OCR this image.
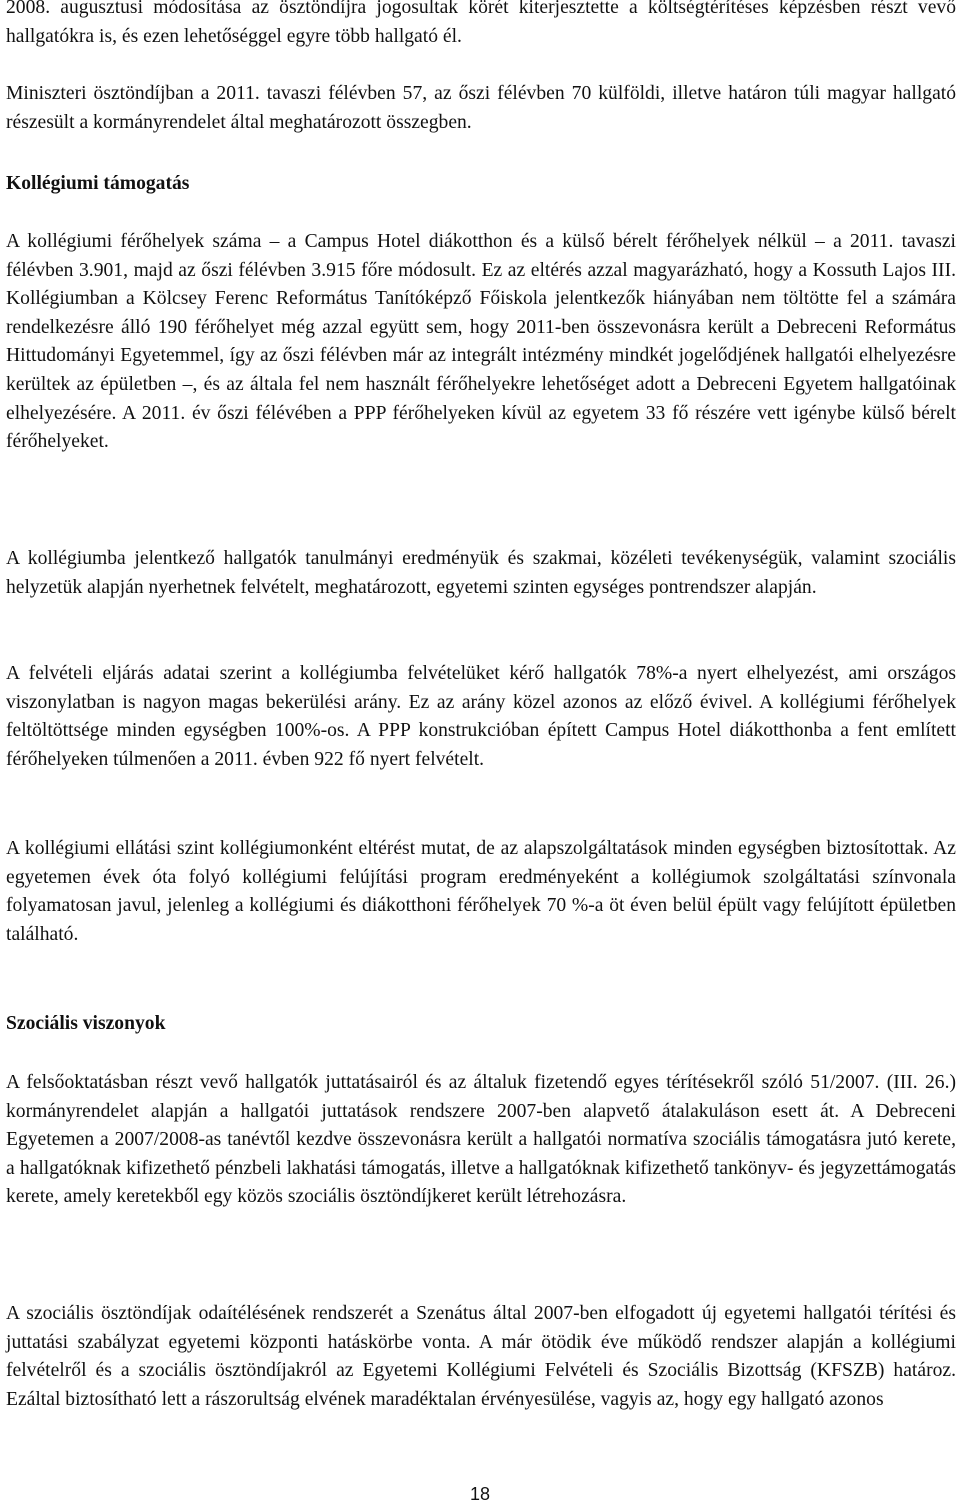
2008. augusztusi módosítása az ösztöndíjra jogosultak körét kiterjesztette a költségtérítéses képzésben részt vevő hallgatókra is, és ezen lehetőséggel egyre több hallgató él.

Miniszteri ösztöndíjban a 2011. tavaszi félévben 57, az őszi félévben 70 külföldi, illetve határon túli magyar hallgató részesült a kormányrendelet által meghatározott összegben.

Kollégiumi támogatás

A kollégiumi férőhelyek száma – a Campus Hotel diákotthon és a külső bérelt férőhelyek nélkül – a 2011. tavaszi félévben 3.901, majd az őszi félévben 3.915 főre módosult. Ez az eltérés azzal magyarázható, hogy a Kossuth Lajos III. Kollégiumban a Kölcsey Ferenc Református Tanítóképző Főiskola jelentkezők hiányában nem töltötte fel a számára rendelkezésre álló 190 férőhelyet még azzal együtt sem, hogy 2011-ben összevonásra került a Debreceni Református Hittudományi Egyetemmel, így az őszi félévben már az integrált intézmény mindkét jogelődjének hallgatói elhelyezésre kerültek az épületben –, és az általa fel nem használt férőhelyekre lehetőséget adott a Debreceni Egyetem hallgatóinak elhelyezésére. A 2011. év őszi félévében a PPP férőhelyeken kívül az egyetem 33 fő részére vett igénybe külső bérelt férőhelyeket.

A kollégiumba jelentkező hallgatók tanulmányi eredményük és szakmai, közéleti tevékenységük, valamint szociális helyzetük alapján nyerhetnek felvételt, meghatározott, egyetemi szinten egységes pontrendszer alapján.

A felvételi eljárás adatai szerint a kollégiumba felvételüket kérő hallgatók 78%-a nyert elhelyezést, ami országos viszonylatban is nagyon magas bekerülési arány. Ez az arány közel azonos az előző évivel. A kollégiumi férőhelyek feltöltöttsége minden egységben 100%-os. A PPP konstrukcióban épített Campus Hotel diákotthonba a fent említett férőhelyeken túlmenően a 2011. évben 922 fő nyert felvételt.

A kollégiumi ellátási szint kollégiumonként eltérést mutat, de az alapszolgáltatások minden egységben biztosítottak. Az egyetemen évek óta folyó kollégiumi felújítási program eredményeként a kollégiumok szolgáltatási színvonala folyamatosan javul, jelenleg a kollégiumi és diákotthoni férőhelyek 70 %-a öt éven belül épült vagy felújított épületben található.

Szociális viszonyok

A felsőoktatásban részt vevő hallgatók juttatásairól és az általuk fizetendő egyes térítésekről szóló 51/2007. (III. 26.) kormányrendelet alapján a hallgatói juttatások rendszere 2007-ben alapvető átalakuláson esett át. A Debreceni Egyetemen a 2007/2008-as tanévtől kezdve összevonásra került a hallgatói normatíva szociális támogatásra jutó kerete, a hallgatóknak kifizethető pénzbeli lakhatási támogatás, illetve a hallgatóknak kifizethető tankönyv- és jegyzettámogatás kerete, amely keretekből egy közös szociális ösztöndíjkeret került létrehozásra.

A szociális ösztöndíjak odaítélésének rendszerét a Szenátus által 2007-ben elfogadott új egyetemi hallgatói térítési és juttatási szabályzat egyetemi központi hatáskörbe vonta. A már ötödik éve működő rendszer alapján a kollégiumi felvételről és a szociális ösztöndíjakról az Egyetemi Kollégiumi Felvételi és Szociális Bizottság (KFSZB) határoz. Ezáltal biztosítható lett a rászorultság elvének maradéktalan érvényesülése, vagyis az, hogy egy hallgató azonos

18
